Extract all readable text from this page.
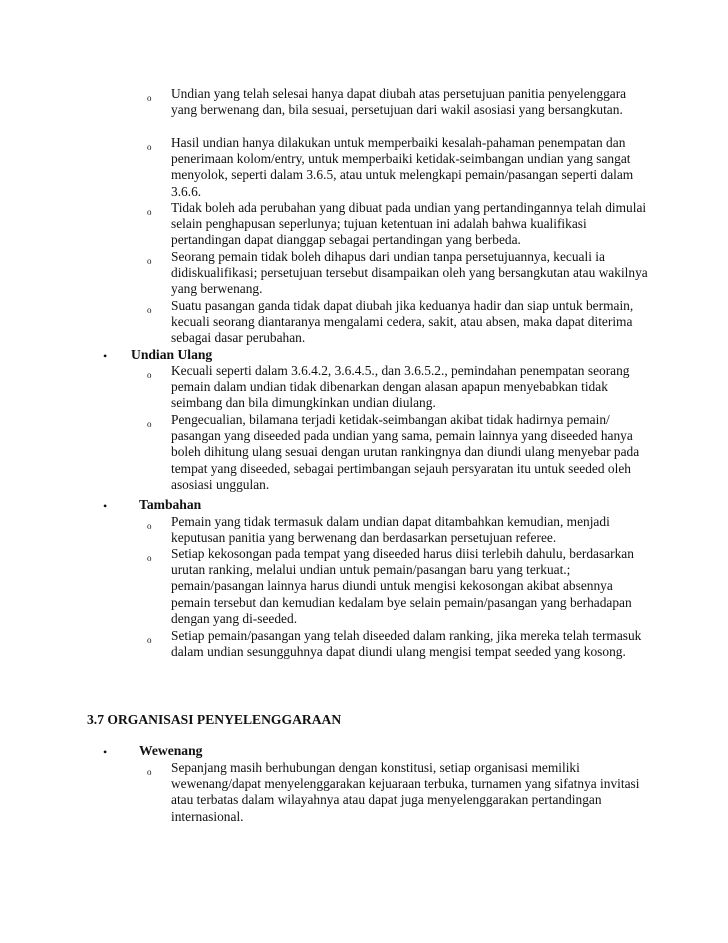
o Undian yang telah selesai hanya dapat diubah atas persetujuan panitia penyelenggara yang berwenang dan, bila sesuai, persetujuan dari wakil asosiasi yang bersangkutan.
o Hasil undian hanya dilakukan untuk memperbaiki kesalah-pahaman penempatan dan penerimaan kolom/entry, untuk memperbaiki ketidak-seimbangan undian yang sangat menyolok, seperti dalam 3.6.5, atau untuk melengkapi pemain/pasangan seperti dalam 3.6.6.
o Tidak boleh ada perubahan yang dibuat pada undian yang pertandingannya telah dimulai selain penghapusan seperlunya; tujuan ketentuan ini adalah bahwa kualifikasi pertandingan dapat dianggap sebagai pertandingan yang berbeda.
o Seorang pemain tidak boleh dihapus dari undian tanpa persetujuannya, kecuali ia didiskualifikasi; persetujuan tersebut disampaikan oleh yang bersangkutan atau wakilnya yang berwenang.
o Suatu pasangan ganda tidak dapat diubah jika keduanya hadir dan siap untuk bermain, kecuali seorang diantaranya mengalami cedera, sakit, atau absen, maka dapat diterima sebagai dasar perubahan.
• Undian Ulang
o Kecuali seperti dalam 3.6.4.2, 3.6.4.5., dan 3.6.5.2., pemindahan penempatan seorang pemain dalam undian tidak dibenarkan dengan alasan apapun menyebabkan tidak seimbang dan bila dimungkinkan undian diulang.
o Pengecualian, bilamana terjadi ketidak-seimbangan akibat tidak hadirnya pemain/ pasangan yang diseeded pada undian yang sama, pemain lainnya yang diseeded hanya boleh dihitung ulang sesuai dengan urutan rankingnya dan diundi ulang menyebar pada tempat yang diseeded, sebagai pertimbangan sejauh persyaratan itu untuk seeded oleh asosiasi unggulan.
• Tambahan
o Pemain yang tidak termasuk dalam undian dapat ditambahkan kemudian, menjadi keputusan panitia yang berwenang dan berdasarkan persetujuan referee.
o Setiap kekosongan pada tempat yang diseeded harus diisi terlebih dahulu, berdasarkan urutan ranking, melalui undian untuk pemain/pasangan baru yang terkuat.; pemain/pasangan lainnya harus diundi untuk mengisi kekosongan akibat absennya pemain tersebut dan kemudian kedalam bye selain pemain/pasangan yang berhadapan dengan yang di-seeded.
o Setiap pemain/pasangan yang telah diseeded dalam ranking, jika mereka telah termasuk dalam undian sesungguhnya dapat diundi ulang mengisi tempat seeded yang kosong.
3.7 ORGANISASI PENYELENGGARAAN
• Wewenang
o Sepanjang masih berhubungan dengan konstitusi, setiap organisasi memiliki wewenang/dapat menyelenggarakan kejuaraan terbuka, turnamen yang sifatnya invitasi atau terbatas dalam wilayahnya atau dapat juga menyelenggarakan pertandingan internasional.
